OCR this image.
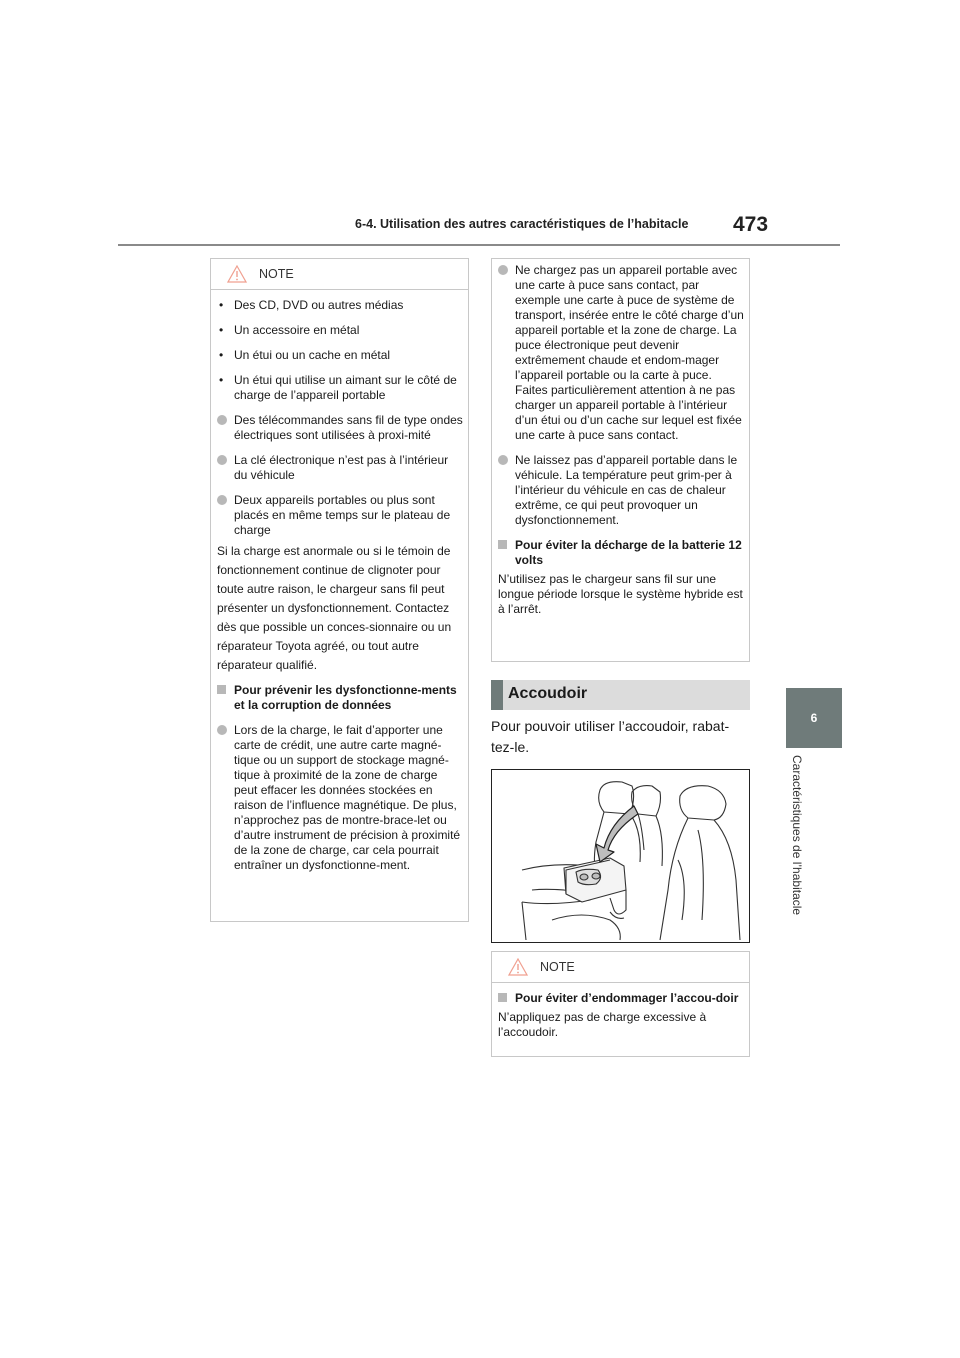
6-4. Utilisation des autres caractéristiques de l’habitacle 473
6
Caractéristiques de l’habitacle
NOTE
• Des CD, DVD ou autres médias
• Un accessoire en métal
• Un étui ou un cache en métal
• Un étui qui utilise un aimant sur le côté de charge de l’appareil portable
Des télécommandes sans fil de type ondes électriques sont utilisées à proxi-mité
La clé électronique n’est pas à l’intérieur du véhicule
Deux appareils portables ou plus sont placés en même temps sur le plateau de charge

Si la charge est anormale ou si le témoin de fonctionnement continue de clignoter pour toute autre raison, le chargeur sans fil peut présenter un dysfonctionnement. Contactez dès que possible un conces-sionnaire ou un réparateur Toyota agréé, ou tout autre réparateur qualifié.

Pour prévenir les dysfonctionne-ments et la corruption de données
Lors de la charge, le fait d’apporter une carte de crédit, une autre carte magné-tique ou un support de stockage magné-tique à proximité de la zone de charge peut effacer les données stockées en raison de l’influence magnétique. De plus, n’approchez pas de montre-brace-let ou d’autre instrument de précision à proximité de la zone de charge, car cela pourrait entraîner un dysfonctionne-ment.
Ne chargez pas un appareil portable avec une carte à puce sans contact, par exemple une carte à puce de système de transport, insérée entre le côté charge d’un appareil portable et la zone de charge. La puce électronique peut devenir extrêmement chaude et endom-mager l’appareil portable ou la carte à puce. Faites particulièrement attention à ne pas charger un appareil portable à l’intérieur d’un étui ou d’un cache sur lequel est fixée une carte à puce sans contact.
Ne laissez pas d’appareil portable dans le véhicule. La température peut grim-per à l’intérieur du véhicule en cas de chaleur extrême, ce qui peut provoquer un dysfonctionnement.
Pour éviter la décharge de la batterie 12 volts

N’utilisez pas le chargeur sans fil sur une longue période lorsque le système hybride est à l’arrêt.

Accoudoir
Pour pouvoir utiliser l’accoudoir, rabat-tez-le.
NOTE
Pour éviter d’endommager l’accou-doir

N’appliquez pas de charge excessive à l’accoudoir.
